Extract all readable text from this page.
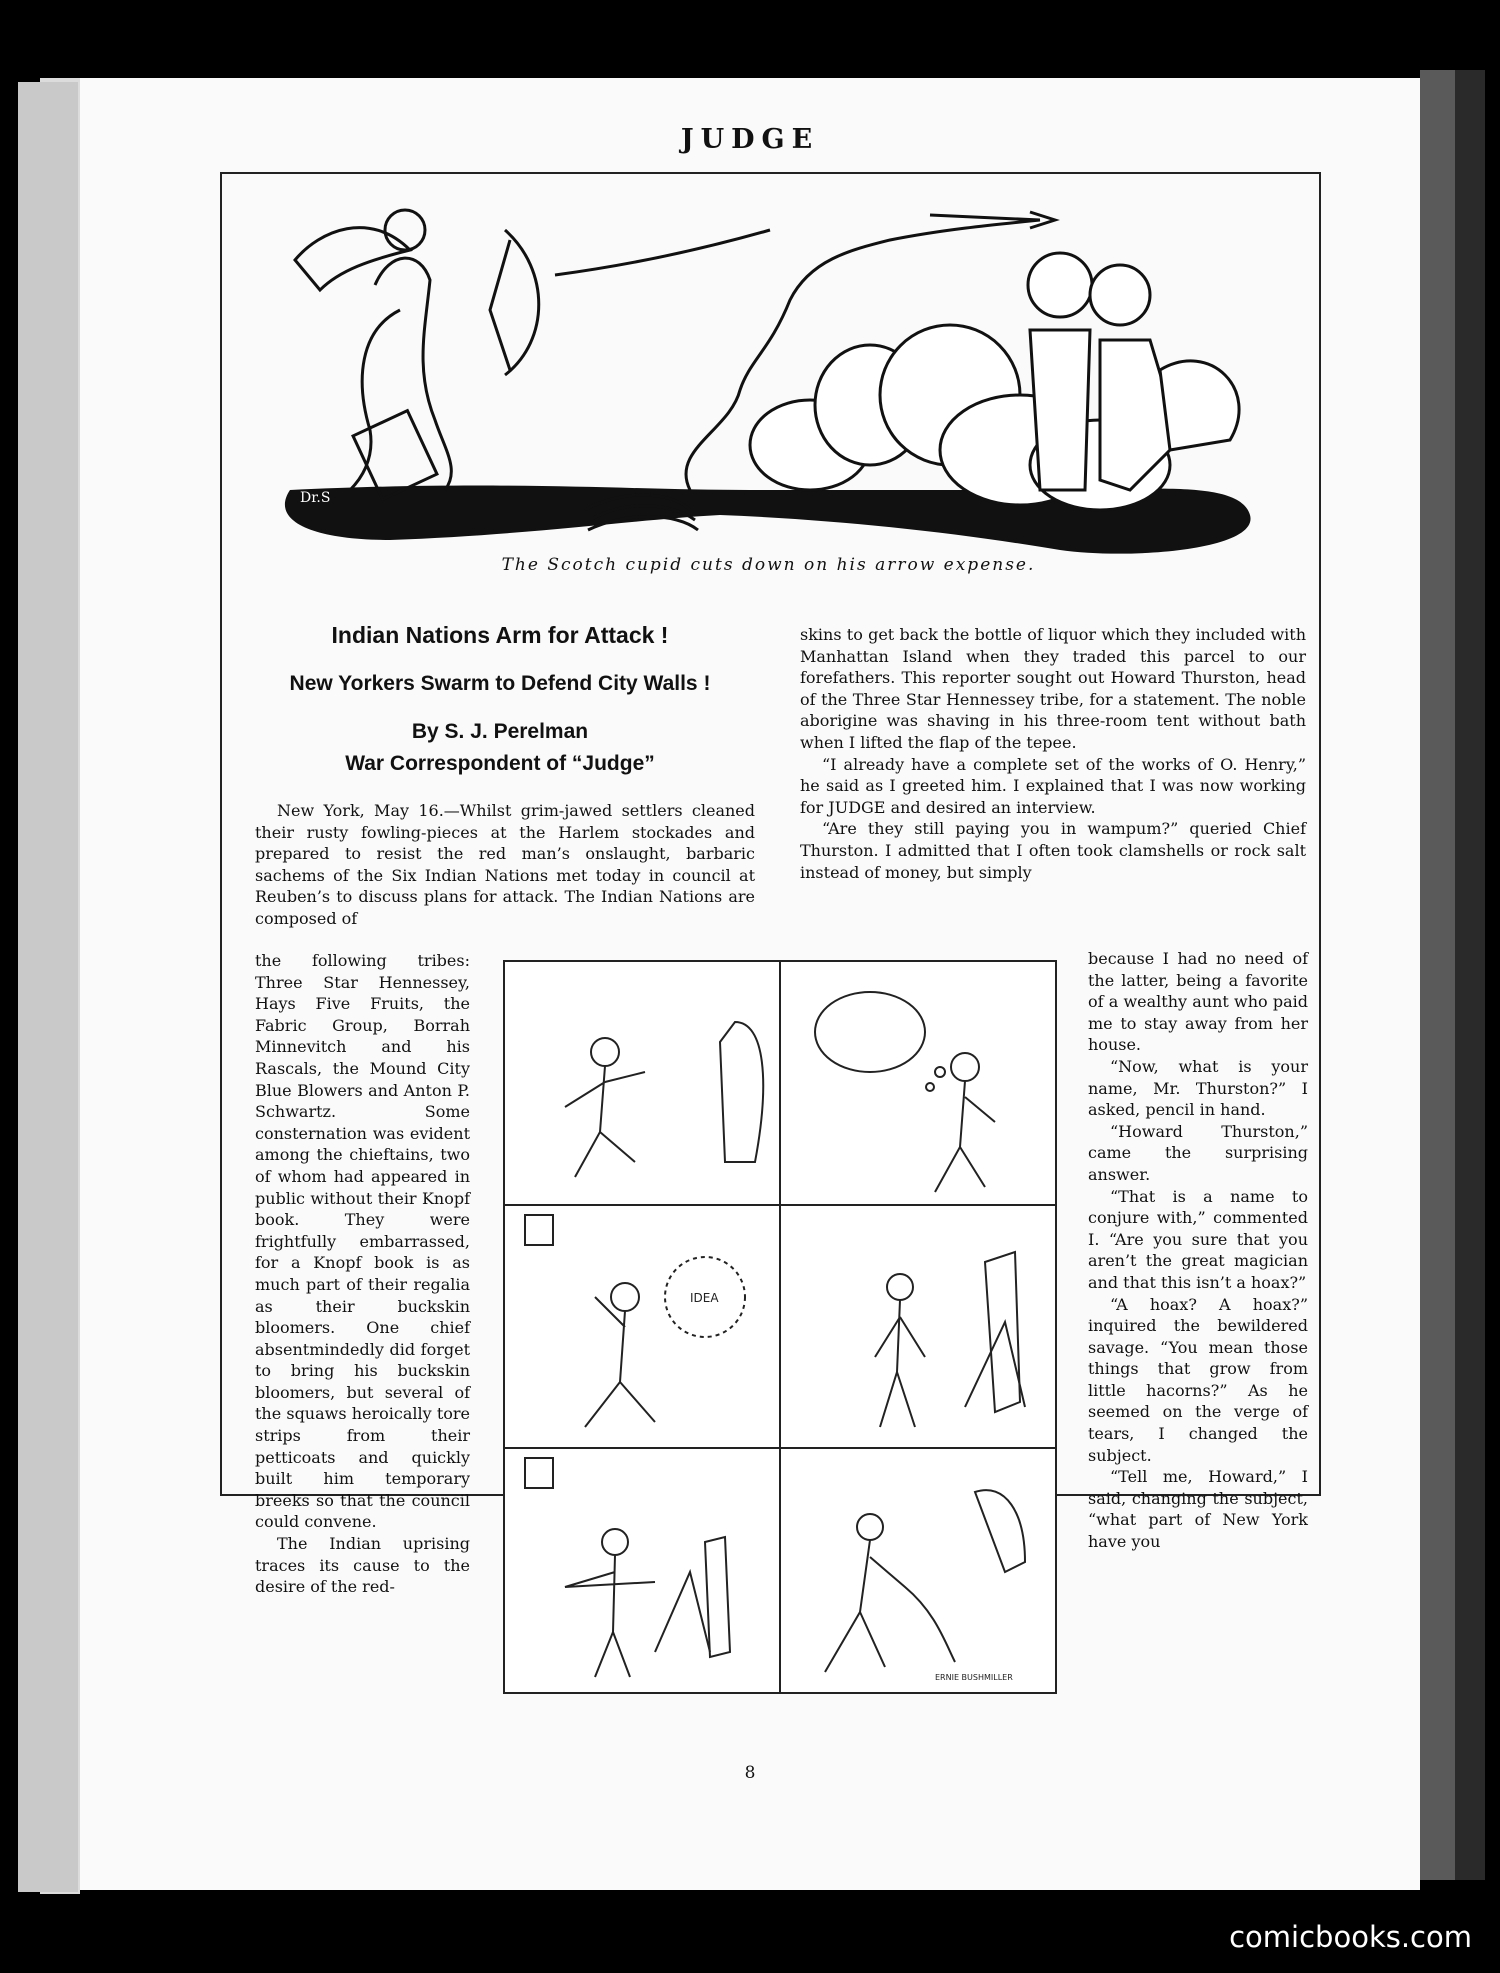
JUDGE
Dr.S
The Scotch cupid cuts down on his arrow expense.
Indian Nations Arm for Attack !
New Yorkers Swarm to Defend City Walls !
By S. J. Perelman
War Correspondent of “Judge”

New York, May 16.—Whilst grim-jawed settlers cleaned their rusty fowling-pieces at the Harlem stockades and prepared to resist the red man’s onslaught, barbaric sachems of the Six Indian Nations met today in council at Reuben’s to discuss plans for attack. The Indian Nations are composed of

the following tribes: Three Star Hennessey, Hays Five Fruits, the Fabric Group, Borrah Minnevitch and his Rascals, the Mound City Blue Blowers and Anton P. Schwartz. Some consternation was evident among the chieftains, two of whom had appeared in public without their Knopf book. They were frightfully embarrassed, for a Knopf book is as much part of their regalia as their buckskin bloomers. One chief absentmindedly did forget to bring his buckskin bloomers, but several of the squaws heroically tore strips from their petticoats and quickly built him temporary breeks so that the council could convene.

The Indian uprising traces its cause to the desire of the red-

skins to get back the bottle of liquor which they included with Manhattan Island when they traded this parcel to our forefathers. This reporter sought out Howard Thurston, head of the Three Star Hennessey tribe, for a statement. The noble aborigine was shaving in his three-room tent without bath when I lifted the flap of the tepee.

“I already have a complete set of the works of O. Henry,” he said as I greeted him. I explained that I was now working for JUDGE and desired an interview.

“Are they still paying you in wampum?” queried Chief Thurston. I admitted that I often took clamshells or rock salt instead of money, but simply

because I had no need of the latter, being a favorite of a wealthy aunt who paid me to stay away from her house.

“Now, what is your name, Mr. Thurston?” I asked, pencil in hand.

“Howard Thurston,” came the surprising answer.

“That is a name to conjure with,” commented I. “Are you sure that you aren’t the great magician and that this isn’t a hoax?”

“A hoax? A hoax?” inquired the bewildered savage. “You mean those things that grow from little hacorns?” As he seemed on the verge of tears, I changed the subject.

“Tell me, Howard,” I said, changing the subject, “what part of New York have you

IDEA
ERNIE BUSHMILLER
8
comicbooks.com
